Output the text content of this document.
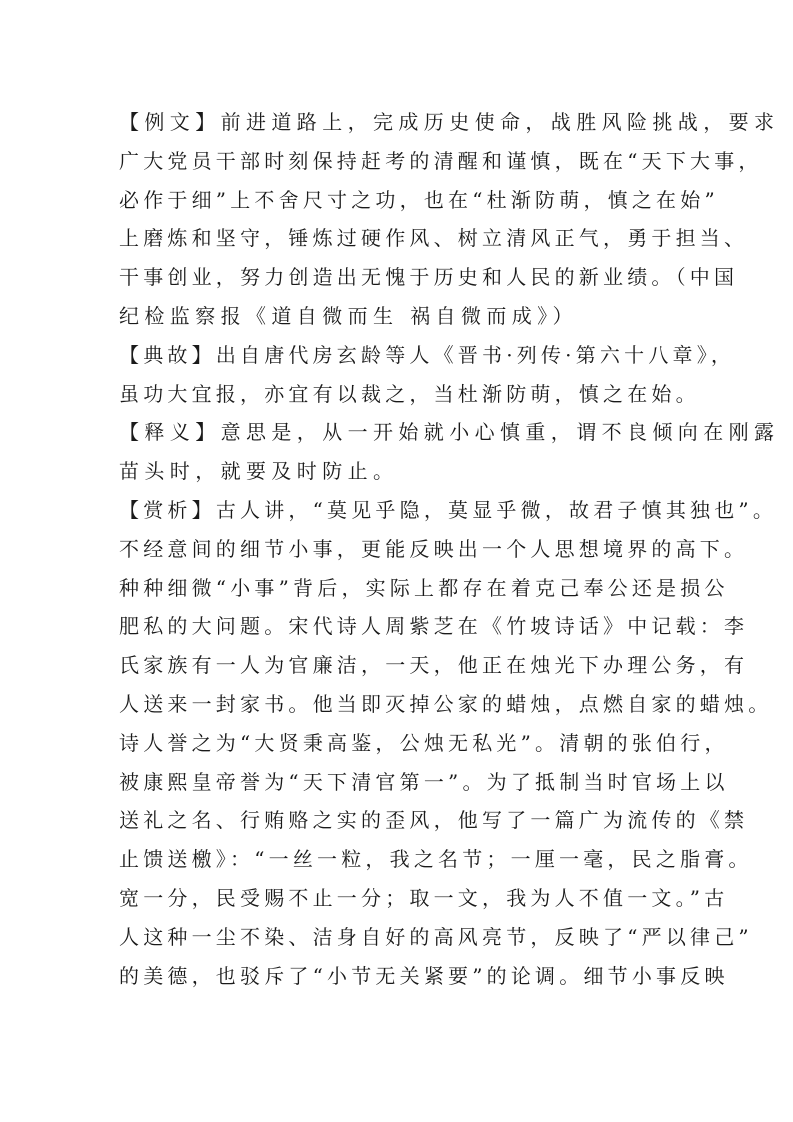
【例文】前进道路上，完成历史使命，战胜风险挑战，要求
广大党员干部时刻保持赶考的清醒和谨慎，既在“天下大事，
必作于细”上不舍尺寸之功，也在“杜渐防萌，慎之在始”
上磨炼和坚守，锤炼过硬作风、树立清风正气，勇于担当、
干事创业，努力创造出无愧于历史和人民的新业绩。（中国
纪检监察报《道自微而生 祸自微而成》）
【典故】出自唐代房玄龄等人《晋书·列传·第六十八章》，
虽功大宜报，亦宜有以裁之，当杜渐防萌，慎之在始。
【释义】意思是，从一开始就小心慎重，谓不良倾向在刚露
苗头时，就要及时防止。
【赏析】古人讲，“莫见乎隐，莫显乎微，故君子慎其独也”。
不经意间的细节小事，更能反映出一个人思想境界的高下。
种种细微“小事”背后，实际上都存在着克己奉公还是损公
肥私的大问题。宋代诗人周紫芝在《竹坡诗话》中记载：李
氏家族有一人为官廉洁，一天，他正在烛光下办理公务，有
人送来一封家书。他当即灭掉公家的蜡烛，点燃自家的蜡烛。
诗人誉之为“大贤秉高鉴，公烛无私光”。清朝的张伯行，
被康熙皇帝誉为“天下清官第一”。为了抵制当时官场上以
送礼之名、行贿赂之实的歪风，他写了一篇广为流传的《禁
止馈送檄》：“一丝一粒，我之名节；一厘一毫，民之脂膏。
宽一分，民受赐不止一分；取一文，我为人不值一文。”古
人这种一尘不染、洁身自好的高风亮节，反映了“严以律己”
的美德，也驳斥了“小节无关紧要”的论调。细节小事反映
